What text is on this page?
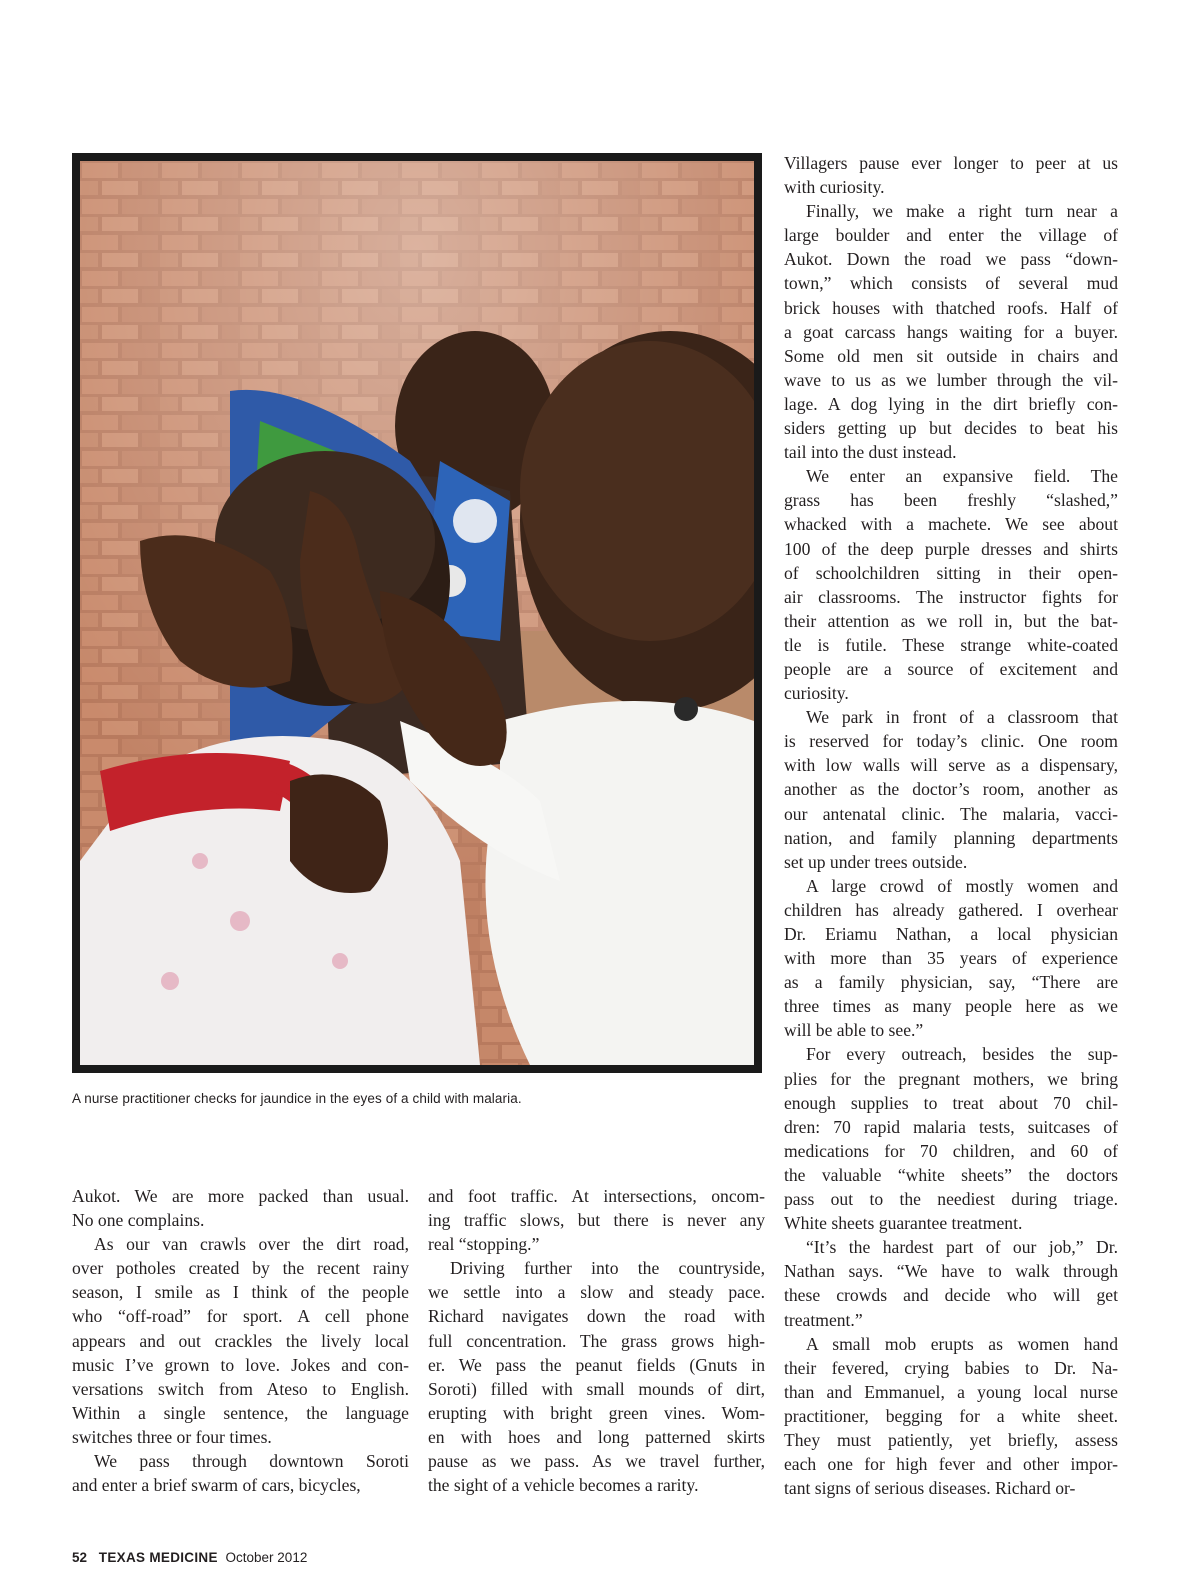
A nurse practitioner checks for jaundice in the eyes of a child with malaria.

Villagers pause ever longer to peer at us
with curiosity.

Finally, we make a right turn near a
large boulder and enter the village of
Aukot. Down the road we pass “down-
town,” which consists of several mud
brick houses with thatched roofs. Half of
a goat carcass hangs waiting for a buyer.
Some old men sit outside in chairs and
wave to us as we lumber through the vil-
lage. A dog lying in the dirt briefly con-
siders getting up but decides to beat his
tail into the dust instead.

We enter an expansive field. The
grass has been freshly “slashed,”
whacked with a machete. We see about
100 of the deep purple dresses and shirts
of schoolchildren sitting in their open-
air classrooms. The instructor fights for
their attention as we roll in, but the bat-
tle is futile. These strange white-coated
people are a source of excitement and
curiosity.

We park in front of a classroom that
is reserved for today’s clinic. One room
with low walls will serve as a dispensary,
another as the doctor’s room, another as
our antenatal clinic. The malaria, vacci-
nation, and family planning departments
set up under trees outside.

A large crowd of mostly women and
children has already gathered. I overhear
Dr. Eriamu Nathan, a local physician
with more than 35 years of experience
as a family physician, say, “There are
three times as many people here as we
will be able to see.”

For every outreach, besides the sup-
plies for the pregnant mothers, we bring
enough supplies to treat about 70 chil-
dren: 70 rapid malaria tests, suitcases of
medications for 70 children, and 60 of
the valuable “white sheets” the doctors
pass out to the neediest during triage.
White sheets guarantee treatment.

“It’s the hardest part of our job,” Dr.
Nathan says. “We have to walk through
these crowds and decide who will get
treatment.”

A small mob erupts as women hand
their fevered, crying babies to Dr. Na-
than and Emmanuel, a young local nurse
practitioner, begging for a white sheet.
They must patiently, yet briefly, assess
each one for high fever and other impor-
tant signs of serious diseases. Richard or-

Aukot. We are more packed than usual.
No one complains.

As our van crawls over the dirt road,
over potholes created by the recent rainy
season, I smile as I think of the people
who “off-road” for sport. A cell phone
appears and out crackles the lively local
music I’ve grown to love. Jokes and con-
versations switch from Ateso to English.
Within a single sentence, the language
switches three or four times.

We pass through downtown Soroti
and enter a brief swarm of cars, bicycles,

and foot traffic. At intersections, oncom-
ing traffic slows, but there is never any
real “stopping.”

Driving further into the countryside,
we settle into a slow and steady pace.
Richard navigates down the road with
full concentration. The grass grows high-
er. We pass the peanut fields (Gnuts in
Soroti) filled with small mounds of dirt,
erupting with bright green vines. Wom-
en with hoes and long patterned skirts
pause as we pass. As we travel further,
the sight of a vehicle becomes a rarity.

52 TEXAS MEDICINE October 2012
